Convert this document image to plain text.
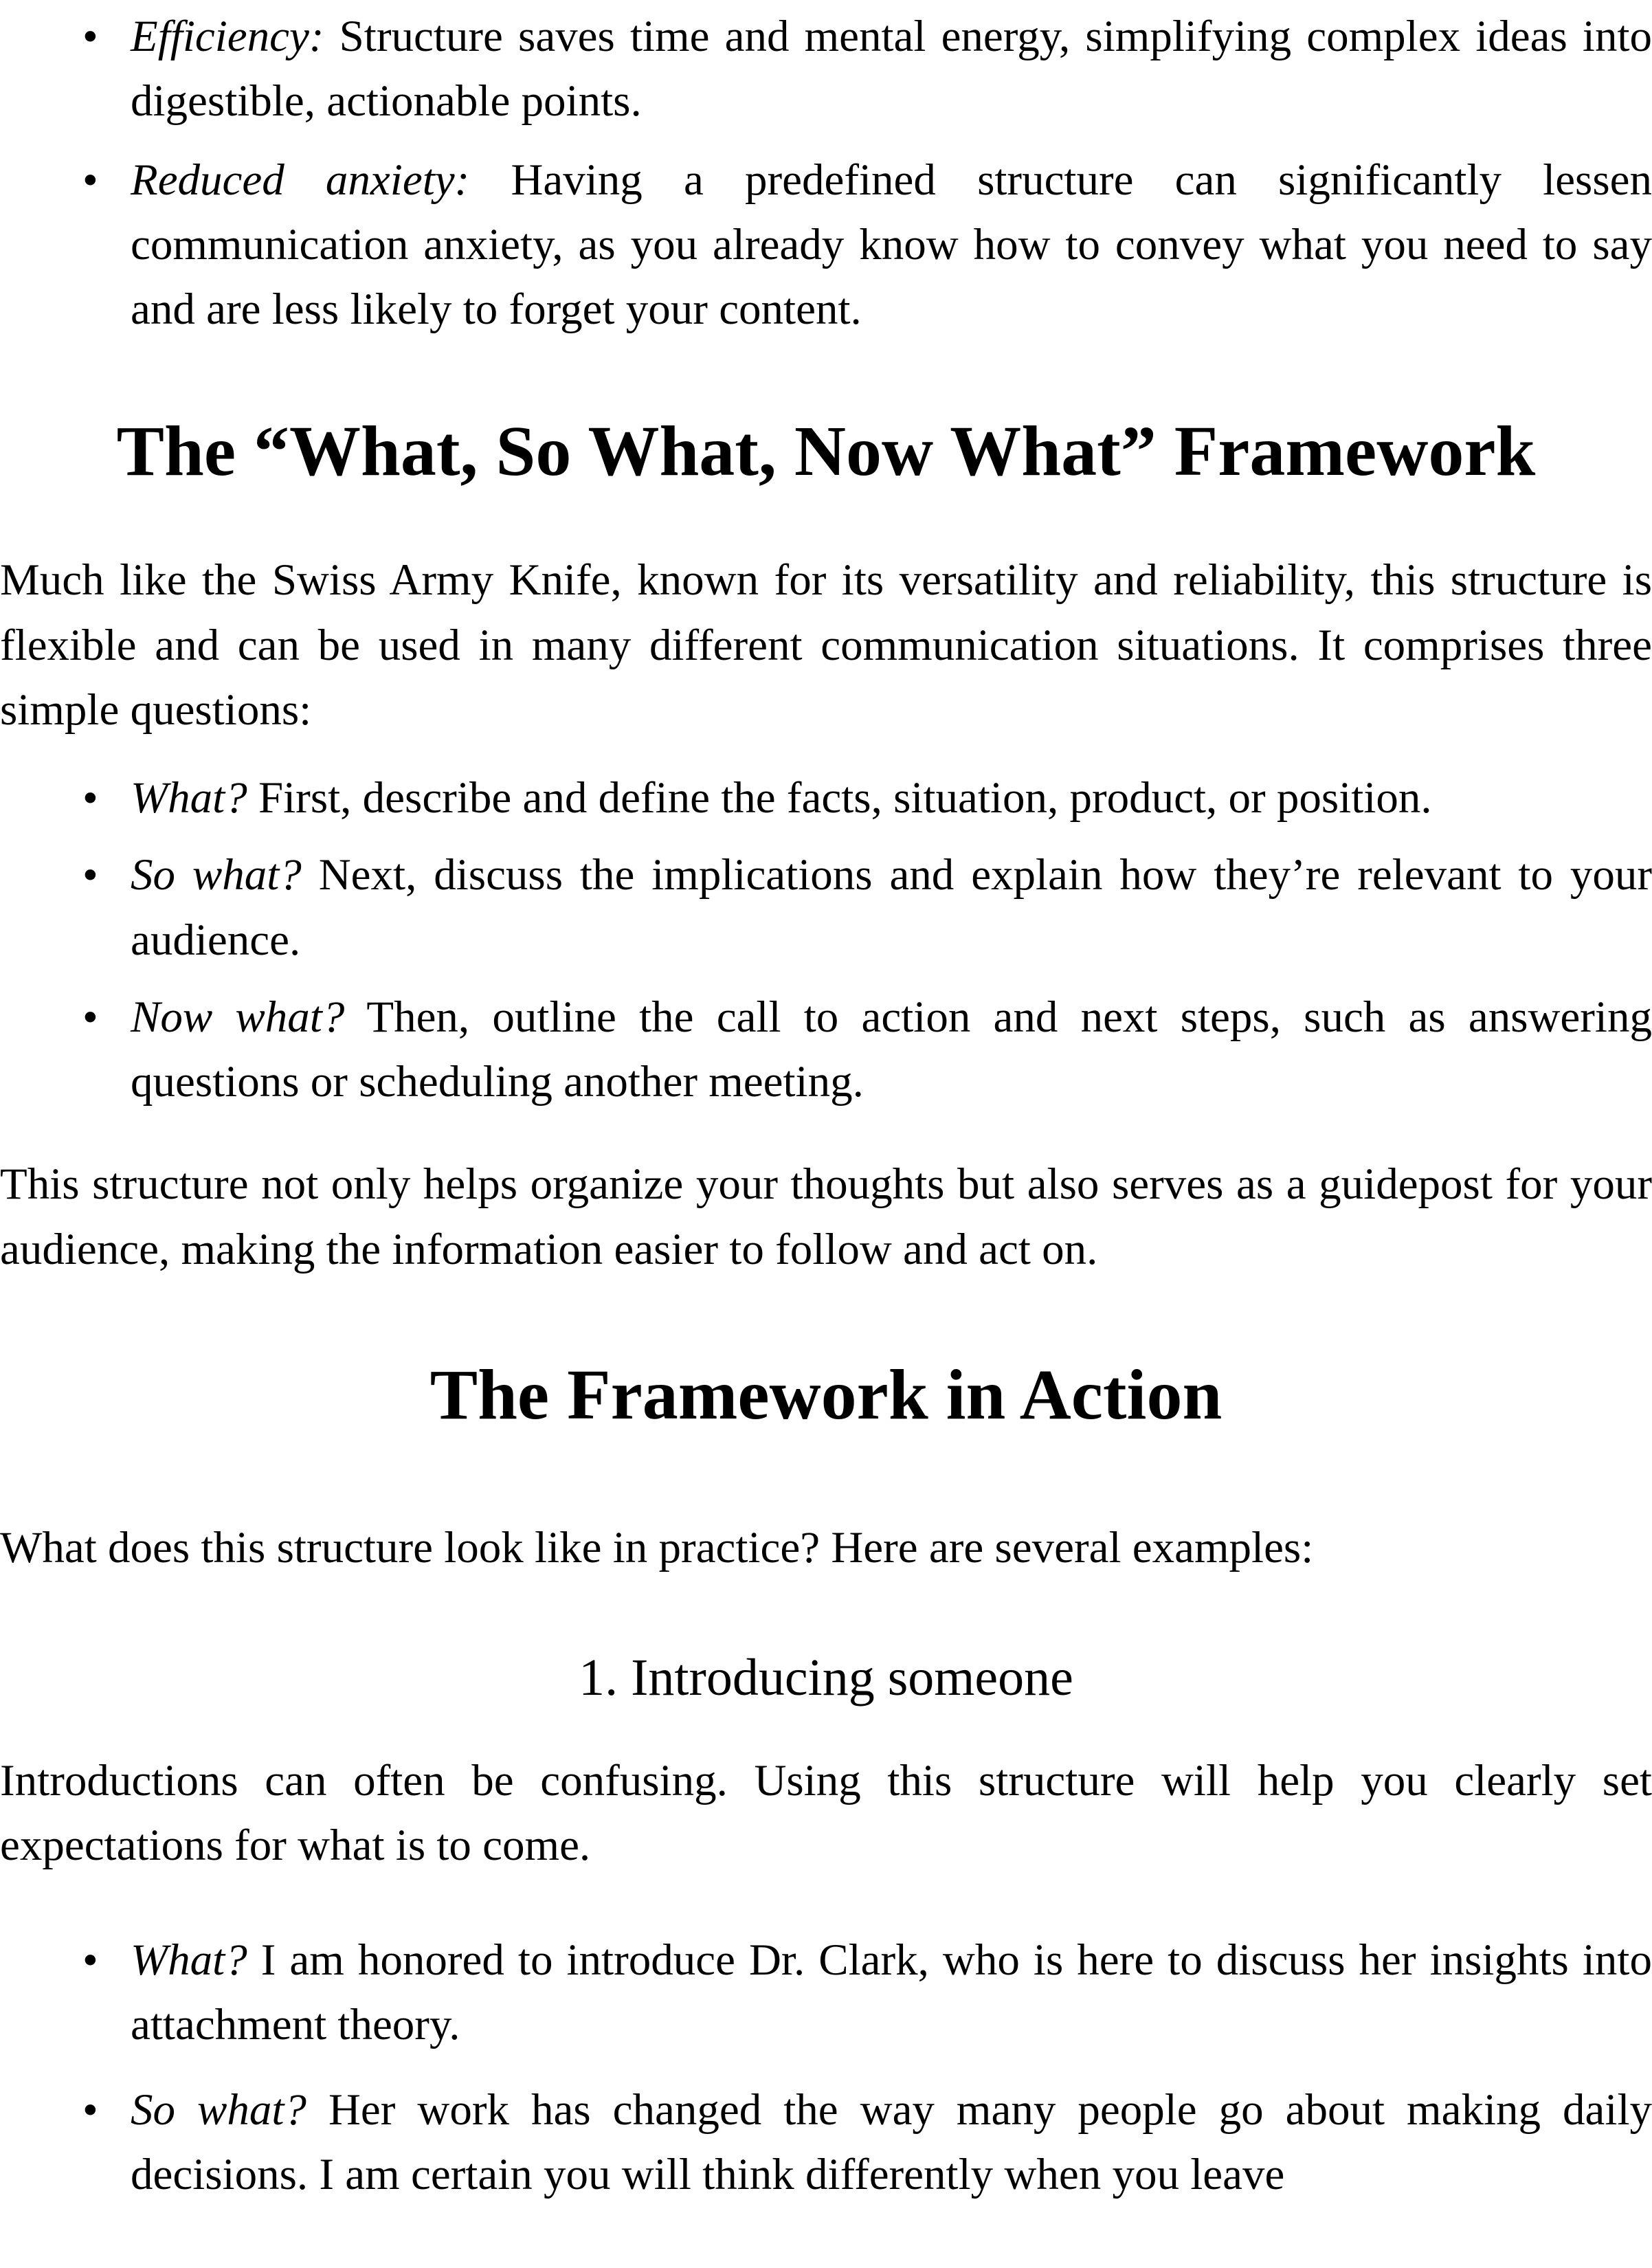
• Efficiency: Structure saves time and mental energy, simplifying complex ideas into digestible, actionable points.
• Reduced anxiety: Having a predefined structure can significantly lessen communication anxiety, as you already know how to convey what you need to say and are less likely to forget your content.
The “What, So What, Now What” Framework

Much like the Swiss Army Knife, known for its versatility and reliability, this structure is flexible and can be used in many different communication situations. It comprises three simple questions:

• What? First, describe and define the facts, situation, product, or position.
• So what? Next, discuss the implications and explain how they’re relevant to your audience.
• Now what? Then, outline the call to action and next steps, such as answering questions or scheduling another meeting.

This structure not only helps organize your thoughts but also serves as a guidepost for your audience, making the information easier to follow and act on.

The Framework in Action

What does this structure look like in practice? Here are several examples:

1. Introducing someone

Introductions can often be confusing. Using this structure will help you clearly set expectations for what is to come.

• What? I am honored to introduce Dr. Clark, who is here to discuss her insights into attachment theory.
• So what? Her work has changed the way many people go about making daily decisions. I am certain you will think differently when you leave
